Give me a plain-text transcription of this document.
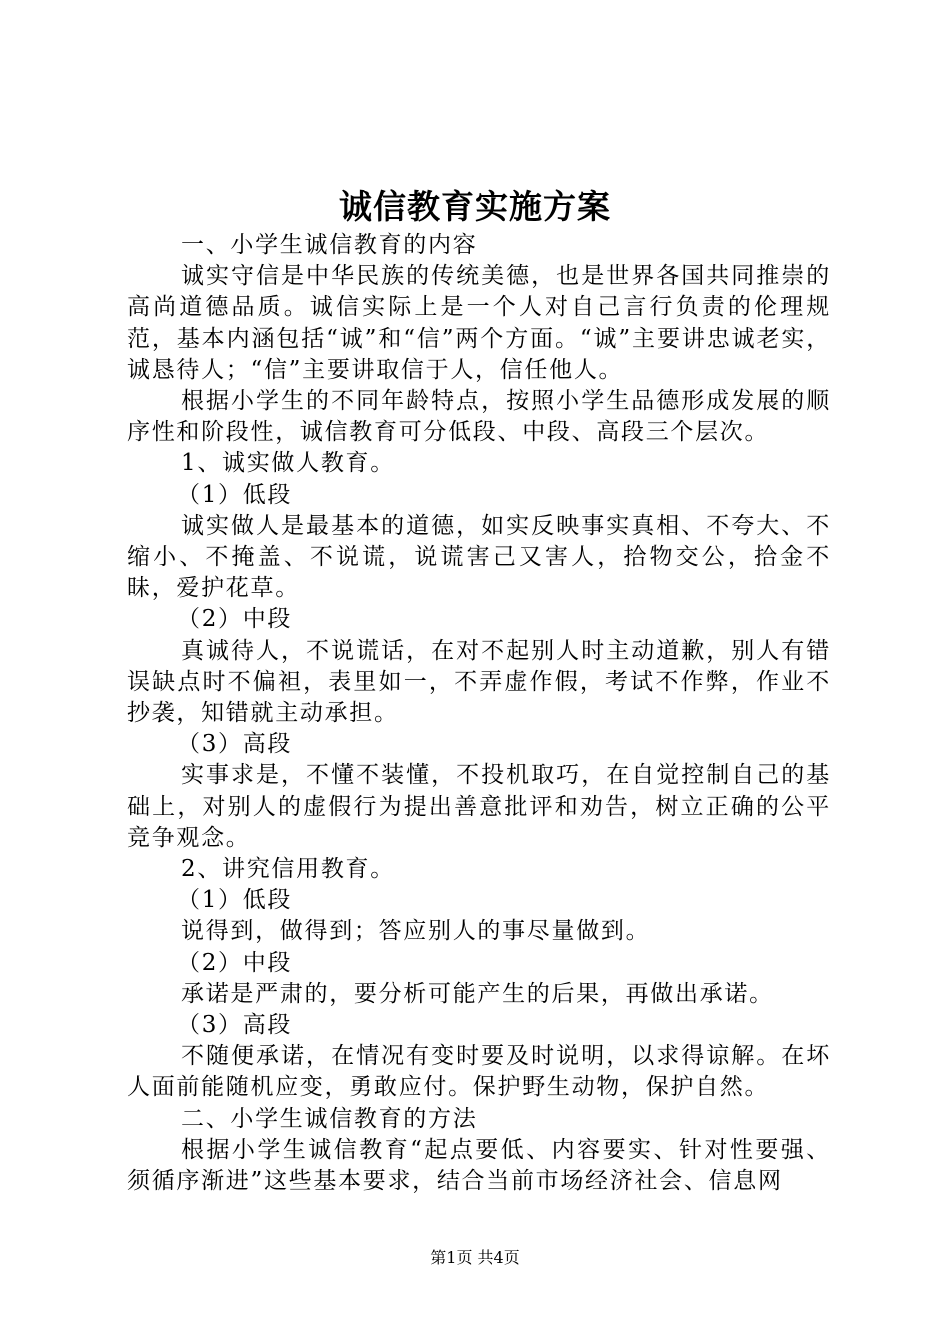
诚信教育实施方案

一、小学生诚信教育的内容

诚实守信是中华民族的传统美德，也是世界各国共同推崇的高尚道德品质。诚信实际上是一个人对自己言行负责的伦理规范，基本内涵包括“诚”和“信”两个方面。“诚”主要讲忠诚老实，诚恳待人；“信”主要讲取信于人，信任他人。

根据小学生的不同年龄特点，按照小学生品德形成发展的顺序性和阶段性，诚信教育可分低段、中段、高段三个层次。

1、诚实做人教育。

（1）低段

诚实做人是最基本的道德，如实反映事实真相、不夸大、不缩小、不掩盖、不说谎，说谎害己又害人，拾物交公，拾金不昧，爱护花草。

（2）中段

真诚待人，不说谎话，在对不起别人时主动道歉，别人有错误缺点时不偏袒，表里如一，不弄虚作假，考试不作弊，作业不抄袭，知错就主动承担。

（3）高段

实事求是，不懂不装懂，不投机取巧，在自觉控制自己的基础上，对别人的虚假行为提出善意批评和劝告，树立正确的公平竞争观念。

2、讲究信用教育。

（1）低段

说得到，做得到；答应别人的事尽量做到。

（2）中段

承诺是严肃的，要分析可能产生的后果，再做出承诺。

（3）高段

不随便承诺，在情况有变时要及时说明，以求得谅解。在坏人面前能随机应变，勇敢应付。保护野生动物，保护自然。

二、小学生诚信教育的方法

根据小学生诚信教育“起点要低、内容要实、针对性要强、须循序渐进”这些基本要求，结合当前市场经济社会、信息网

第1页 共4页
